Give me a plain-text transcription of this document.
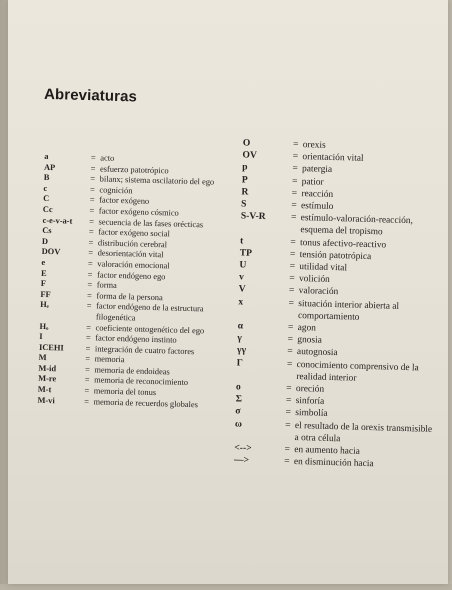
Abreviaturas
a	= acto
AP	= esfuerzo patotrópico
B	= bilanx; sistema oscilatorio del ego
c	= cognición
C	= factor exógeno
Cc	= factor exógeno cósmico
c-e-v-a-t	= secuencia de las fases orécticas
Cs	= factor exógeno social
D	= distribución cerebral
DOV	= desorientación vital
e	= valoración emocional
E	= factor endógeno ego
F	= forma
FF	= forma de la persona
Hₑ	= factor endógeno de la estructura filogenética
Hₒ	= coeficiente ontogenético del ego
I	= factor endógeno instinto
ICEHI	= integración de cuatro factores
M	= memoria
M-id	= memoria de endoideas
M-re	= memoria de reconocimiento
M-t	= memoria del tonus
M-vi	= memoria de recuerdos globales
O	= orexis
OV	= orientación vital
p	= patergia
P	= patior
R	= reacción
S	= estímulo
S-V-R	= estímulo-valoración-reacción, esquema del tropismo
t	= tonus afectivo-reactivo
TP	= tensión patotrópica
U	= utilidad vital
v	= volición
V	= valoración
x	= situación interior abierta al comportamiento
α	= agon
γ	= gnosia
γγ	= autognosia
Γ	= conocimiento comprensivo de la realidad interior
o	= oreción
Σ	= sinforía
σ	= simbolía
ω	= el resultado de la orexis transmisible a otra célula
<-->	= en aumento hacia
—>	= en disminución hacia
